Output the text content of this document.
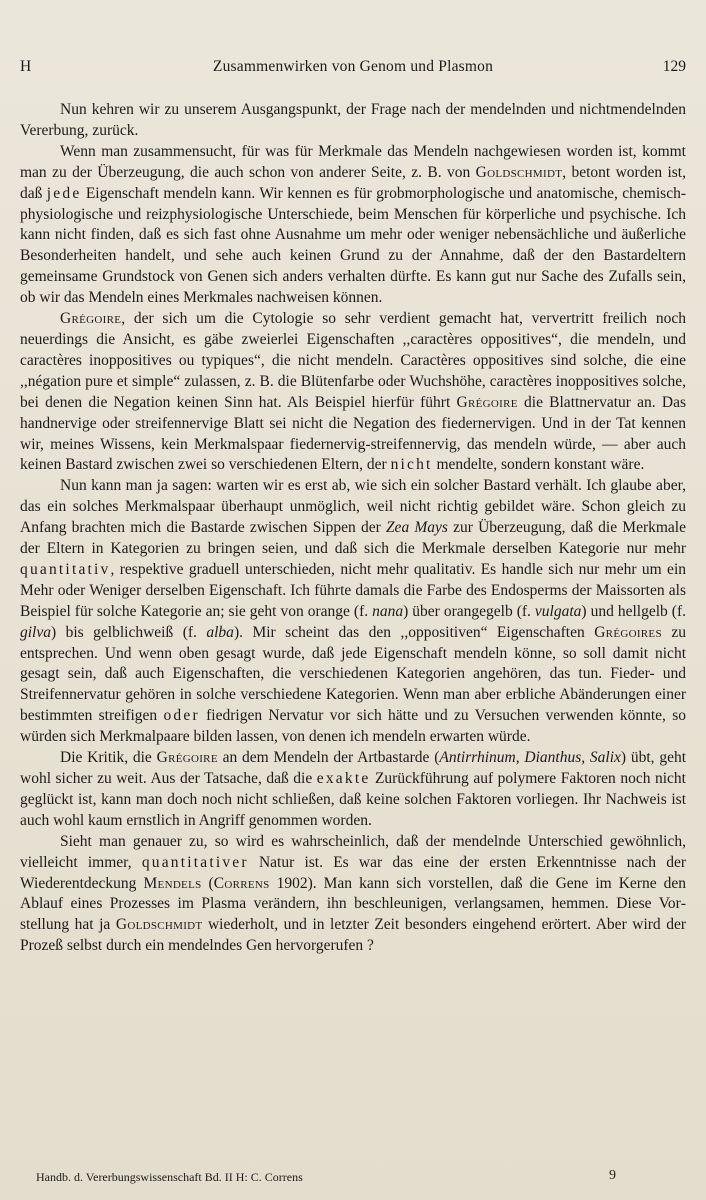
H	Zusammenwirken von Genom und Plasmon	129

Nun kehren wir zu unserem Ausgangspunkt, der Frage nach der mendelnden und nichtmendelnden Vererbung, zurück.

Wenn man zusammensucht, für was für Merkmale das Mendeln nachgewiesen worden ist, kommt man zu der Überzeugung, die auch schon von anderer Seite, z. B. von Goldschmidt, betont worden ist, daß jede Eigenschaft mendeln kann. Wir kennen es für grobmorphologische und anatomische, chemisch-physiologische und reizphysiologische Unterschiede, beim Menschen für körperliche und psychische. Ich kann nicht finden, daß es sich fast ohne Ausnahme um mehr oder weniger nebensächliche und äußerliche Besonderheiten handelt, und sehe auch keinen Grund zu der Annahme, daß der den Bastardeltern gemeinsame Grundstock von Genen sich anders verhalten dürfte. Es kann gut nur Sache des Zufalls sein, ob wir das Mendeln eines Merkmales nachweisen können.

Grégoire, der sich um die Cytologie so sehr verdient gemacht hat, ververtritt freilich noch neuerdings die Ansicht, es gäbe zweierlei Eigenschaften ,,caractères oppositives“, die mendeln, und caractères inoppositives ou typiques“, die nicht mendeln. Caractères oppositives sind solche, die eine ,,négation pure et simple“ zulassen, z. B. die Blütenfarbe oder Wuchshöhe, caractères inoppositives solche, bei denen die Negation keinen Sinn hat. Als Beispiel hierfür führt Grégoire die Blattnervatur an. Das handnervige oder streifennervige Blatt sei nicht die Negation des fiedernervigen. Und in der Tat kennen wir, meines Wissens, kein Merkmalspaar fiedernervig-streifennervig, das mendeln würde, — aber auch keinen Bastard zwischen zwei so verschiedenen Eltern, der nicht mendelte, sondern konstant wäre.

Nun kann man ja sagen: warten wir es erst ab, wie sich ein solcher Bastard verhält. Ich glaube aber, das ein solches Merkmalspaar überhaupt unmöglich, weil nicht richtig gebildet wäre. Schon gleich zu Anfang brachten mich die Bastarde zwischen Sippen der Zea Mays zur Überzeugung, daß die Merkmale der Eltern in Kategorien zu bringen seien, und daß sich die Merkmale derselben Kategorie nur mehr quantitativ, respektive graduell unterschieden, nicht mehr qualitativ. Es handle sich nur mehr um ein Mehr oder Weniger derselben Eigenschaft. Ich führte damals die Farbe des Endosperms der Maissorten als Beispiel für solche Kategorie an; sie geht von orange (f. nana) über orangegelb (f. vulgata) und hellgelb (f. gilva) bis gelblichweiß (f. alba). Mir scheint das den ,,oppositiven“ Eigenschaften Grégoires zu entsprechen. Und wenn oben gesagt wurde, daß jede Eigenschaft mendeln könne, so soll damit nicht gesagt sein, daß auch Eigenschaften, die verschiedenen Kategorien angehören, das tun. Fieder- und Streifennervatur gehören in solche verschiedene Kategorien. Wenn man aber erbliche Abänderungen einer bestimmten streifigen oder fiedrigen Nervatur vor sich hätte und zu Versuchen verwenden könnte, so würden sich Merkmalpaare bilden lassen, von denen ich mendeln erwarten würde.

Die Kritik, die Grégoire an dem Mendeln der Artbastarde (Antirrhinum, Dianthus, Salix) übt, geht wohl sicher zu weit. Aus der Tatsache, daß die exakte Zurückführung auf polymere Faktoren noch nicht geglückt ist, kann man doch noch nicht schließen, daß keine solchen Faktoren vorliegen. Ihr Nachweis ist auch wohl kaum ernstlich in Angriff genommen worden.

Sieht man genauer zu, so wird es wahrscheinlich, daß der mendelnde Unterschied gewöhnlich, vielleicht immer, quantitativer Natur ist. Es war das eine der ersten Erkenntnisse nach der Wiederentdeckung Mendels (Correns 1902). Man kann sich vorstellen, daß die Gene im Kerne den Ablauf eines Prozesses im Plasma verändern, ihn beschleunigen, verlangsamen, hemmen. Diese Vorstellung hat ja Goldschmidt wiederholt, und in letzter Zeit besonders eingehend erörtert. Aber wird der Prozeß selbst durch ein mendelndes Gen hervorgerufen ?

Handb. d. Vererbungswissenschaft Bd. II H: C. Correns	9
